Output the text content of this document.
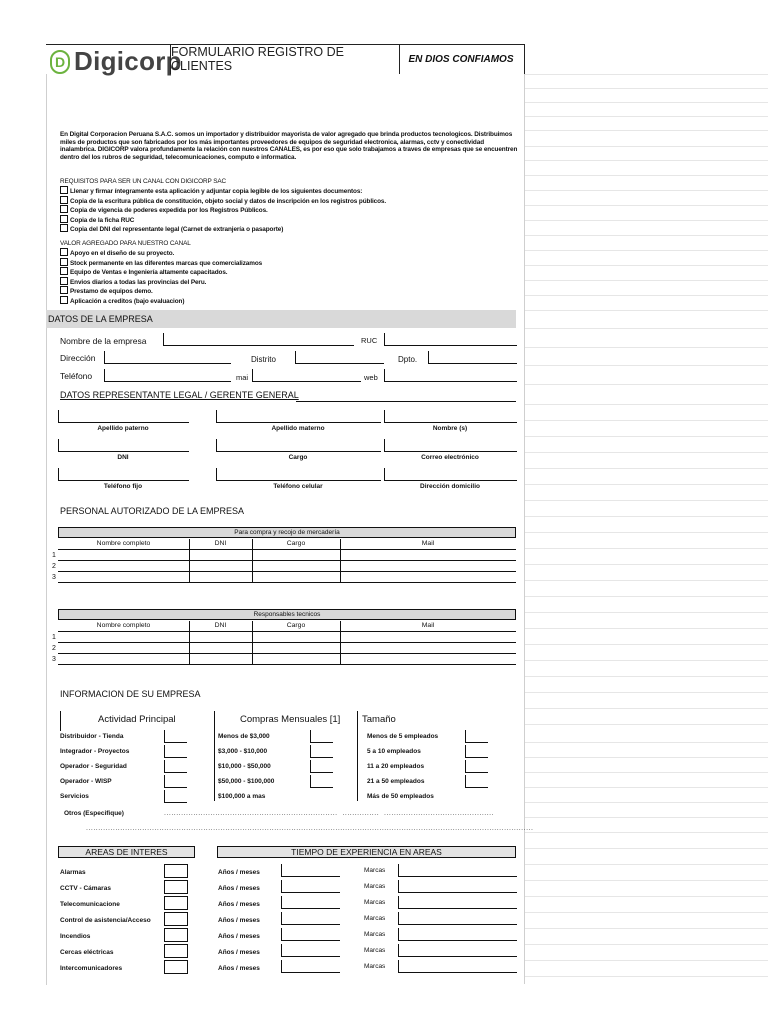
D Digicorp
FORMULARIO REGISTRO DE CLIENTES	EN DIOS CONFIAMOS
En Digital Corporacion Peruana S.A.C. somos un importador y distribuidor mayorista de valor agregado que brinda productos tecnologicos. Distribuimos miles de productos que son fabricados por los más importantes proveedores de equipos de seguridad electronica, alarmas, cctv y conectividad inalambrica. DIGICORP valora profundamente la relación con nuestros CANALES, es por eso que solo trabajamos a traves de empresas que se encuentren dentro del los rubros de seguridad, telecomunicaciones, computo e informatica.
REQUISITOS PARA SER UN CANAL CON DIGICORP SAC
Llenar y firmar íntegramente esta aplicación y adjuntar copia legible de los siguientes documentos:
Copia de la escritura pública de constitución, objeto social y datos de inscripción en los registros públicos.
Copia de vigencia de poderes expedida por los Registros Públicos.
Copia de la ficha RUC
Copia del DNI del representante legal (Carnet de extranjería o pasaporte)
VALOR AGREGADO PARA NUESTRO CANAL
Apoyo en el diseño de su proyecto.
Stock permanente en las diferentes marcas que comercializamos
Equipo de Ventas e Ingeniería altamente capacitados.
Envios diarios a todas las provincias del Peru.
Prestamo de equipos demo.
Aplicación a creditos (bajo evaluacion)
DATOS DE LA EMPRESA
Nombre de la empresa	RUC
Dirección	Distrito	Dpto.
Teléfono	mai	web
DATOS REPRESENTANTE LEGAL / GERENTE GENERAL
Apellido paterno	Apellido materno	Nombre (s)
DNI	Cargo	Correo electrónico
Teléfono fijo	Teléfono celular	Dirección domicilio
PERSONAL AUTORIZADO DE LA EMPRESA
Para compra y recojo de mercadería
Nombre completo	DNI	Cargo	Mail
1
2
3
Responsables tecnicos
Nombre completo	DNI	Cargo	Mail
1
2
3
INFORMACION DE SU EMPRESA
Actividad Principal	Compras Mensuales [1] Tamaño
Distribuidor - Tienda	Menos de $3,000	Menos de 5 empleados
Integrador - Proyectos	$3,000 - $10,000	5 a 10 empleados
Operador - Seguridad	$10,000 - $50,000	11 a 20 empleados
Operador - WISP	$50,000 - $100,000	21 a 50 empleados
Servicios	$100,000 a mas	Más de 50 empleados
Otros (Especifique)	.......................................................................  ...............  .............................................
.......................................................................................................................................................................................
AREAS DE INTERES	TIEMPO DE EXPERIENCIA EN AREAS
Alarmas	Años / meses	Marcas
CCTV - Cámaras	Años / meses	Marcas
Telecomunicacione	Años / meses	Marcas
Control de asistencia/Acceso	Años / meses	Marcas
Incendios	Años / meses	Marcas
Cercas eléctricas	Años / meses	Marcas
Intercomunicadores	Años / meses	Marcas
